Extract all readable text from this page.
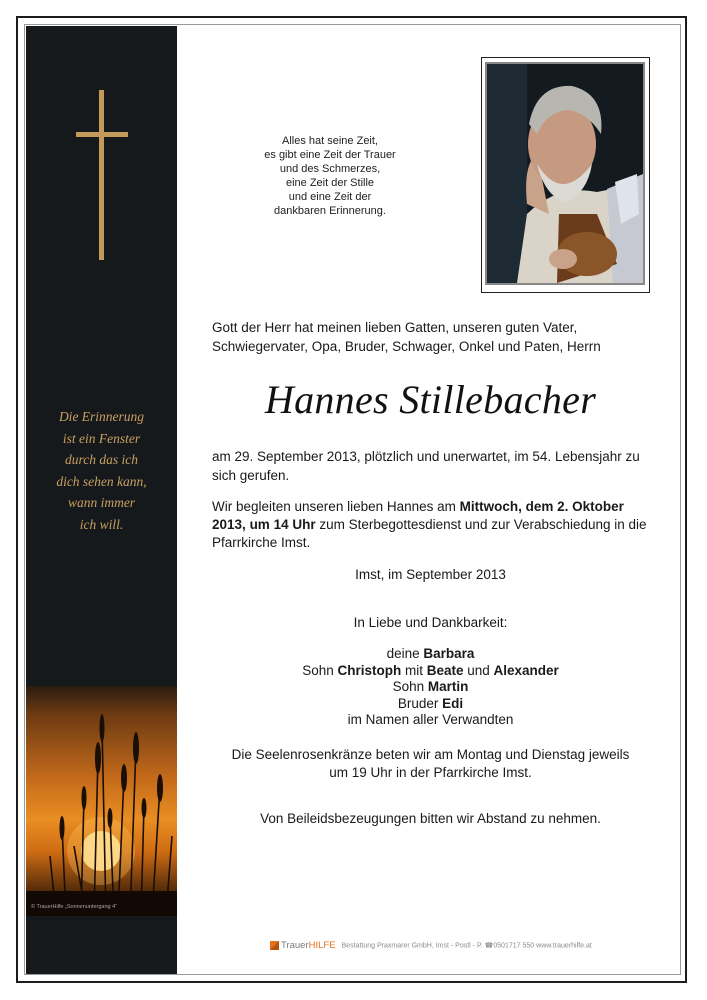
Die Erinnerung
ist ein Fenster
durch das ich
dich sehen kann,
wann immer
ich will.
© TrauerHilfe „Sonnenuntergang 4“
Alles hat seine Zeit,
es gibt eine Zeit der Trauer
und des Schmerzes,
eine Zeit der Stille
und eine Zeit der
dankbaren Erinnerung.
Gott der Herr hat meinen lieben Gatten, unseren guten Vater, Schwiegervater, Opa, Bruder, Schwager, Onkel und Paten, Herrn
Hannes Stillebacher
am 29. September 2013, plötzlich und unerwartet, im 54. Lebensjahr zu sich gerufen.
Wir begleiten unseren lieben Hannes am Mittwoch, dem 2. Oktober 2013, um 14 Uhr zum Sterbegottesdienst und zur Verabschiedung in die Pfarrkirche Imst.
Imst, im September 2013
In Liebe und Dankbarkeit:
deine Barbara
Sohn Christoph mit Beate und Alexander
Sohn Martin
Bruder Edi
im Namen aller Verwandten
Die Seelenrosenkränze beten wir am Montag und Dienstag jeweils
um 19 Uhr in der Pfarrkirche Imst.
Von Beileidsbezeugungen bitten wir Abstand zu nehmen.
TrauerHILFE Bestattung Praxmarer GmbH, Imst - Postl - P. ☎0501717 550 www.trauerhilfe.at
